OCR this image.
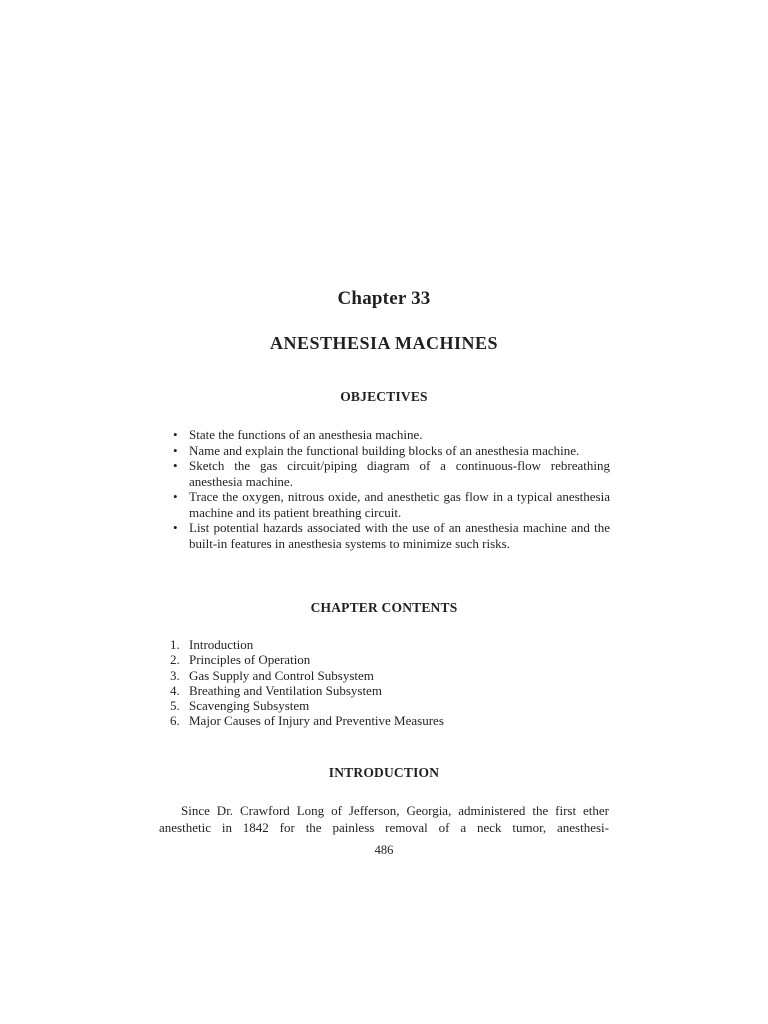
Chapter 33
ANESTHESIA MACHINES
OBJECTIVES
• State the functions of an anesthesia machine.
• Name and explain the functional building blocks of an anesthesia machine.
• Sketch the gas circuit/piping diagram of a continuous-flow rebreathing anesthesia machine.
• Trace the oxygen, nitrous oxide, and anesthetic gas flow in a typical anesthesia machine and its patient breathing circuit.
• List potential hazards associated with the use of an anesthesia machine and the built-in features in anesthesia systems to minimize such risks.
CHAPTER CONTENTS
1. Introduction
2. Principles of Operation
3. Gas Supply and Control Subsystem
4. Breathing and Ventilation Subsystem
5. Scavenging Subsystem
6. Major Causes of Injury and Preventive Measures
INTRODUCTION

Since Dr. Crawford Long of Jefferson, Georgia, administered the first ether anesthetic in 1842 for the painless removal of a neck tumor, anesthesi-

486
